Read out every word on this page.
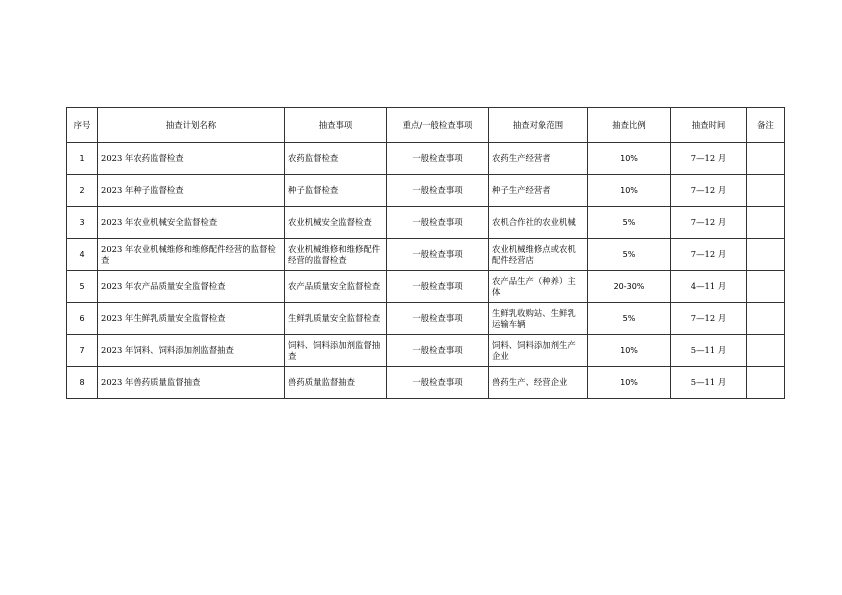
序号	抽查计划名称	抽查事项	重点/一般检查事项	抽查对象范围	抽查比例	抽查时间	备注
1	2023 年农药监督检查	农药监督检查	一般检查事项	农药生产经营者	10%	7—12 月	
2	2023 年种子监督检查	种子监督检查	一般检查事项	种子生产经营者	10%	7—12 月	
3	2023 年农业机械安全监督检查	农业机械安全监督检查	一般检查事项	农机合作社的农业机械	5%	7—12 月	
4	2023 年农业机械维修和维修配件经营的监督检查	农业机械维修和维修配件经营的监督检查	一般检查事项	农业机械维修点或农机配件经营店	5%	7—12 月	
5	2023 年农产品质量安全监督检查	农产品质量安全监督检查	一般检查事项	农产品生产（种养）主体	20-30%	4—11 月	
6	2023 年生鲜乳质量安全监督检查	生鲜乳质量安全监督检查	一般检查事项	生鲜乳收购站、生鲜乳运输车辆	5%	7—12 月	
7	2023 年饲料、饲料添加剂监督抽查	饲料、饲料添加剂监督抽查	一般检查事项	饲料、饲料添加剂生产企业	10%	5—11 月	
8	2023 年兽药质量监督抽查	兽药质量监督抽查	一般检查事项	兽药生产、经营企业	10%	5—11 月	
